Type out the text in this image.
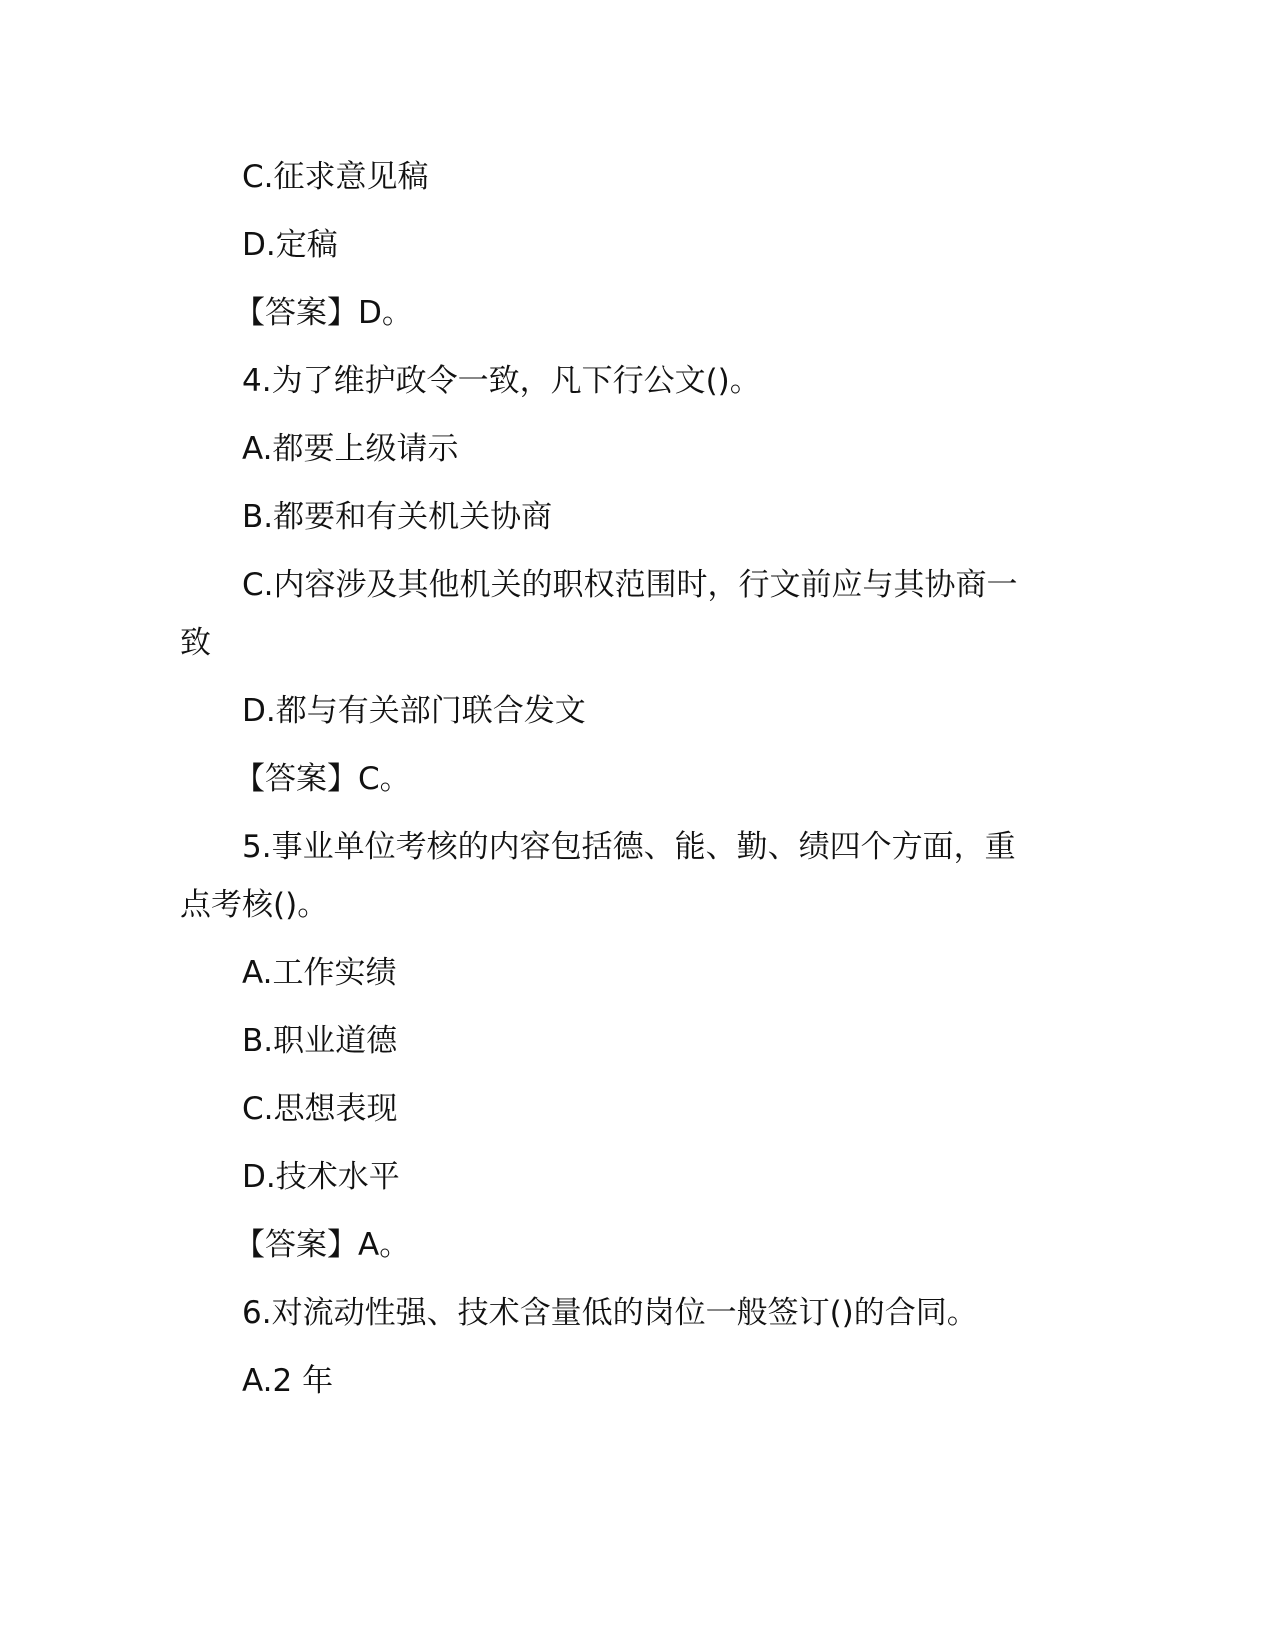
C.征求意见稿

D.定稿

【答案】D。

4.为了维护政令一致，凡下行公文()。

A.都要上级请示

B.都要和有关机关协商

C.内容涉及其他机关的职权范围时，行文前应与其协商一致

D.都与有关部门联合发文

【答案】C。

5.事业单位考核的内容包括德、能、勤、绩四个方面，重点考核()。

A.工作实绩

B.职业道德

C.思想表现

D.技术水平

【答案】A。

6.对流动性强、技术含量低的岗位一般签订()的合同。

A.2 年
